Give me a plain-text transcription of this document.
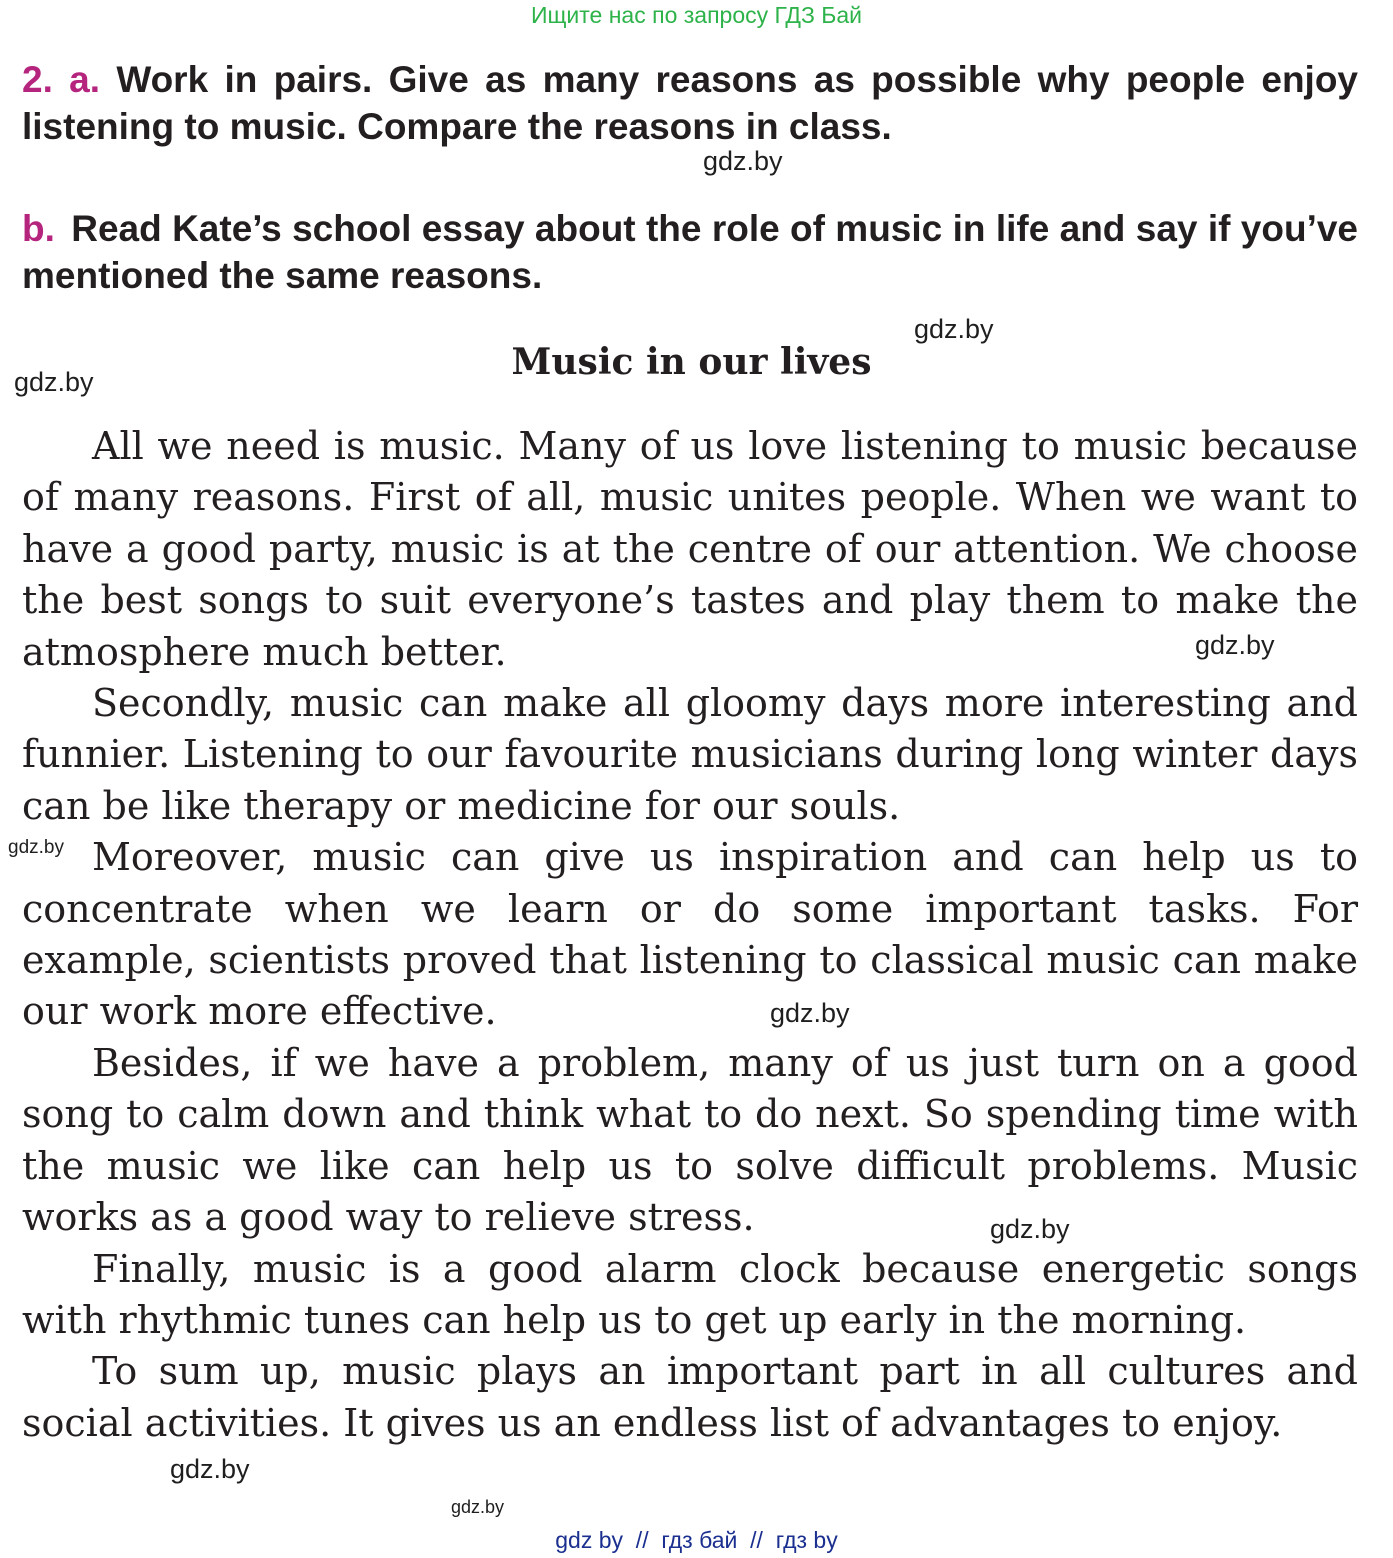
Ищите нас по запросу ГДЗ Бай
2. a. Work in pairs. Give as many reasons as possible why people enjoy listening to music. Compare the reasons in class.
b. Read Kate’s school essay about the role of music in life and say if you’ve mentioned the same reasons.
Music in our lives

All we need is music. Many of us love listening to music because of many reasons. First of all, music unites people. When we want to have a good party, music is at the centre of our attention. We choose the best songs to suit everyone’s tastes and play them to make the atmosphere much better.

Secondly, music can make all gloomy days more interesting and funnier. Listening to our favourite musicians during long winter days can be like therapy or medicine for our souls.

Moreover, music can give us inspiration and can help us to concentrate when we learn or do some important tasks. For example, scientists proved that listening to classical music can make our work more effective.

Besides, if we have a problem, many of us just turn on a good song to calm down and think what to do next. So spending time with the music we like can help us to solve difficult problems. Music works as a good way to relieve stress.

Finally, music is a good alarm clock because energetic songs with rhythmic tunes can help us to get up early in the morning.

To sum up, music plays an important part in all cultures and social activities. It gives us an endless list of advantages to enjoy.

gdz.by
gdz.by
gdz.by
gdz.by
gdz.by
gdz.by
gdz.by
gdz.by
gdz.by
gdz by  //  гдз бай  //  гдз by
